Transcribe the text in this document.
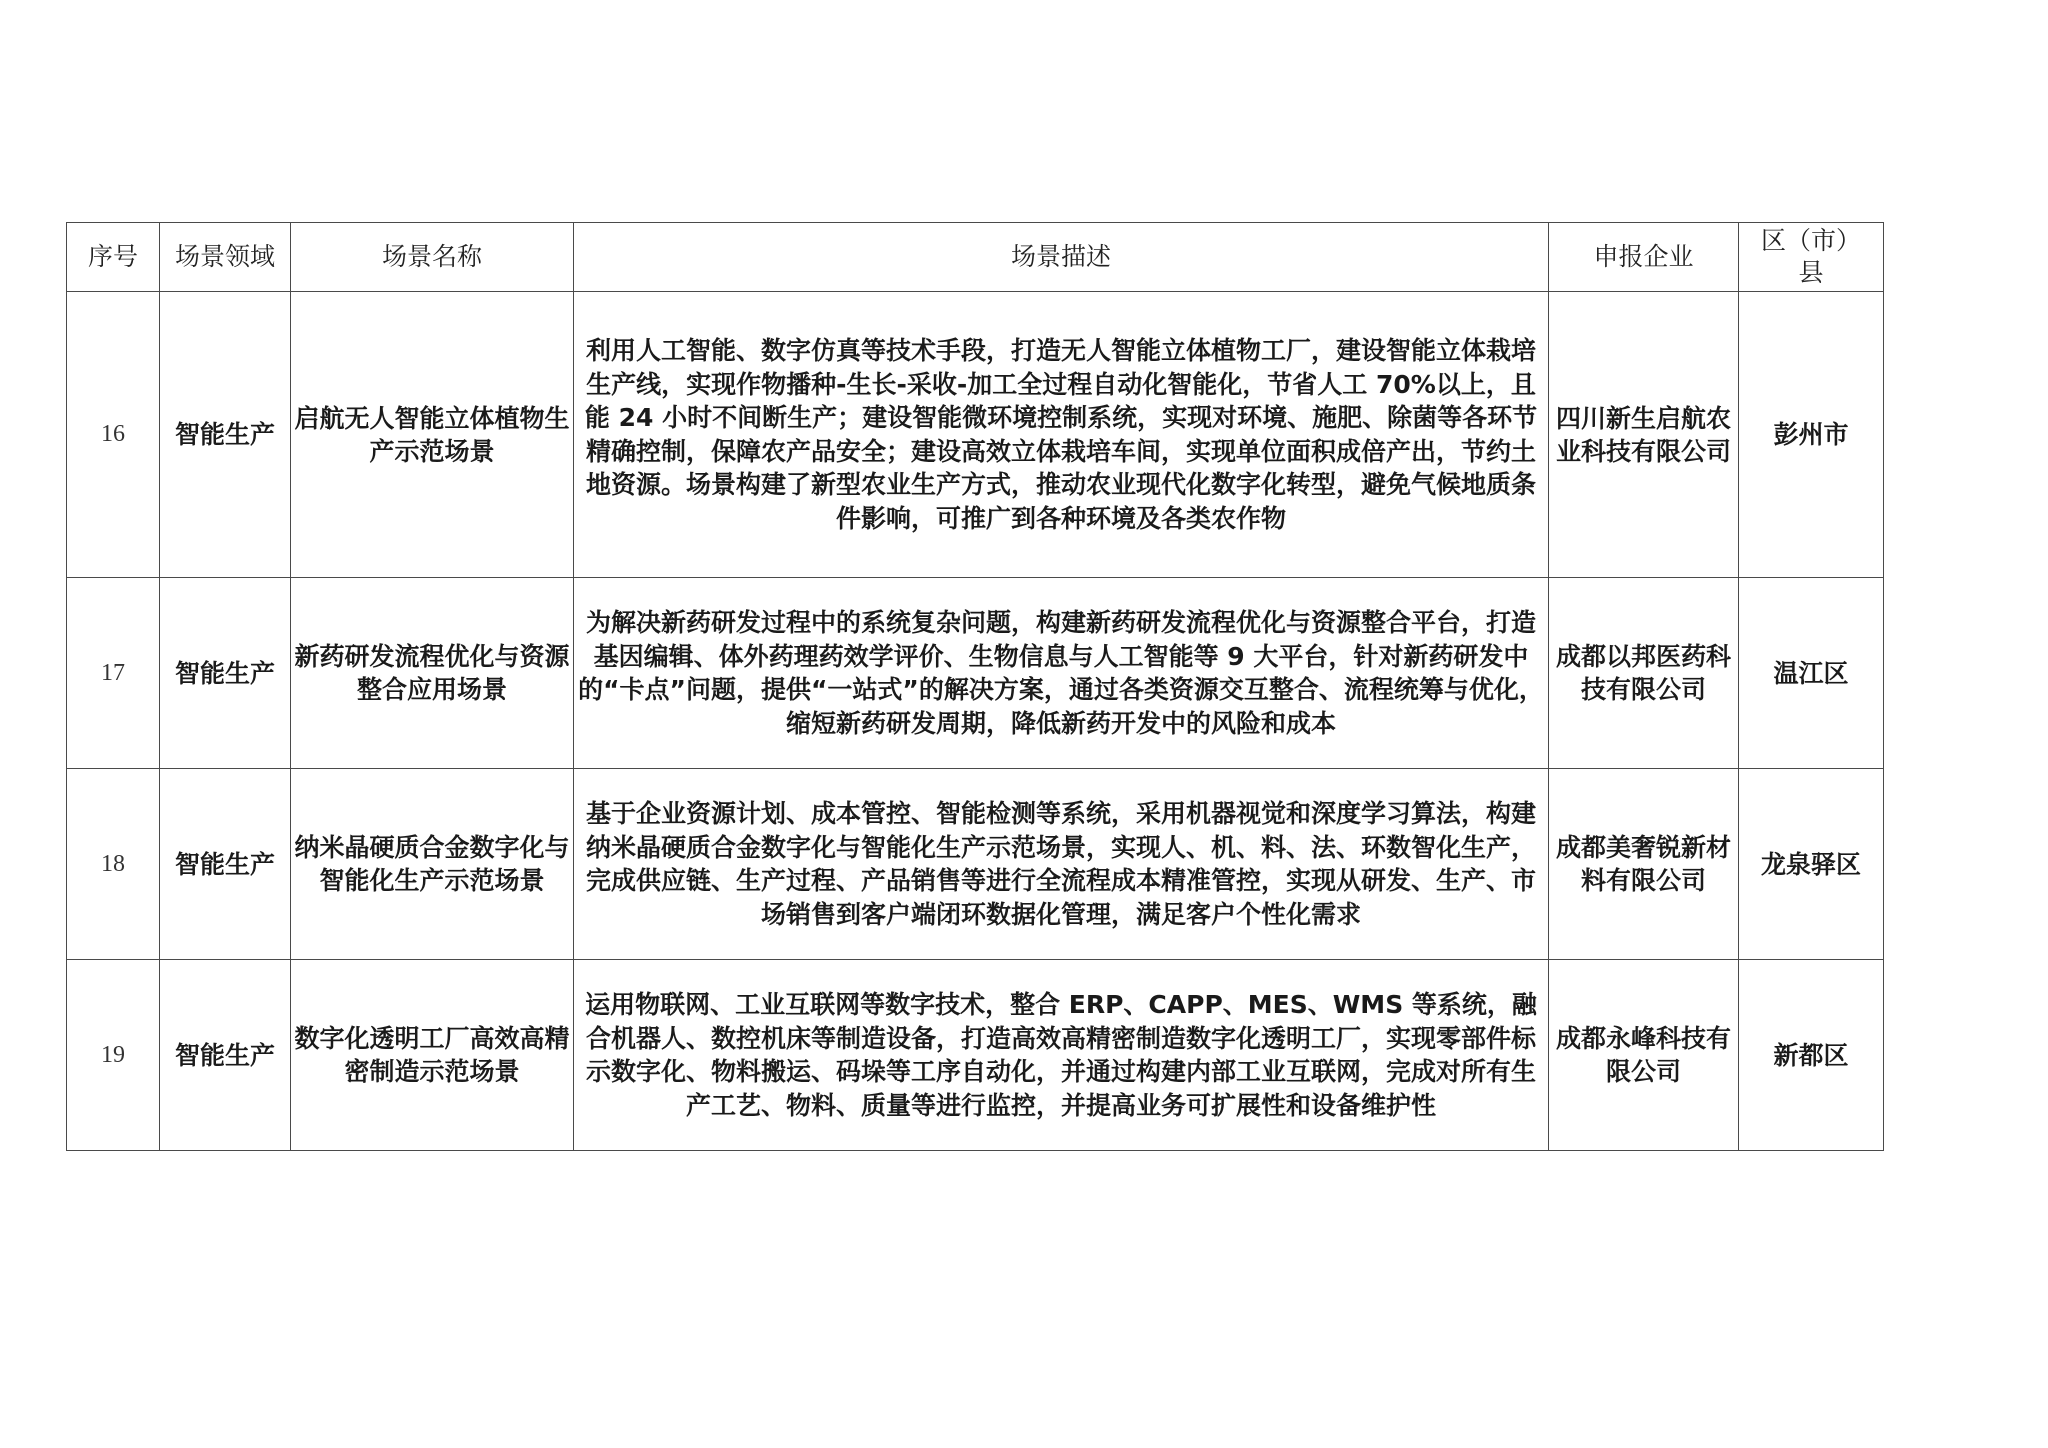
序号	场景领域	场景名称	场景描述	申报企业	区（市）县
16	智能生产	启航无人智能立体植物生产示范场景	利用人工智能、数字仿真等技术手段，打造无人智能立体植物工厂，建设智能立体栽培生产线，实现作物播种-生长-采收-加工全过程自动化智能化，节省人工 70%以上，且能 24 小时不间断生产；建设智能微环境控制系统，实现对环境、施肥、除菌等各环节精确控制，保障农产品安全；建设高效立体栽培车间，实现单位面积成倍产出，节约土地资源。场景构建了新型农业生产方式，推动农业现代化数字化转型，避免气候地质条件影响，可推广到各种环境及各类农作物	四川新生启航农业科技有限公司	彭州市
17	智能生产	新药研发流程优化与资源整合应用场景	为解决新药研发过程中的系统复杂问题，构建新药研发流程优化与资源整合平台，打造基因编辑、体外药理药效学评价、生物信息与人工智能等 9 大平台，针对新药研发中的“卡点”问题，提供“一站式”的解决方案，通过各类资源交互整合、流程统筹与优化，缩短新药研发周期，降低新药开发中的风险和成本	成都以邦医药科技有限公司	温江区
18	智能生产	纳米晶硬质合金数字化与智能化生产示范场景	基于企业资源计划、成本管控、智能检测等系统，采用机器视觉和深度学习算法，构建纳米晶硬质合金数字化与智能化生产示范场景，实现人、机、料、法、环数智化生产，完成供应链、生产过程、产品销售等进行全流程成本精准管控，实现从研发、生产、市场销售到客户端闭环数据化管理，满足客户个性化需求	成都美奢锐新材料有限公司	龙泉驿区
19	智能生产	数字化透明工厂高效高精密制造示范场景	运用物联网、工业互联网等数字技术，整合 ERP、CAPP、MES、WMS 等系统，融合机器人、数控机床等制造设备，打造高效高精密制造数字化透明工厂，实现零部件标示数字化、物料搬运、码垛等工序自动化，并通过构建内部工业互联网，完成对所有生产工艺、物料、质量等进行监控，并提高业务可扩展性和设备维护性	成都永峰科技有限公司	新都区
